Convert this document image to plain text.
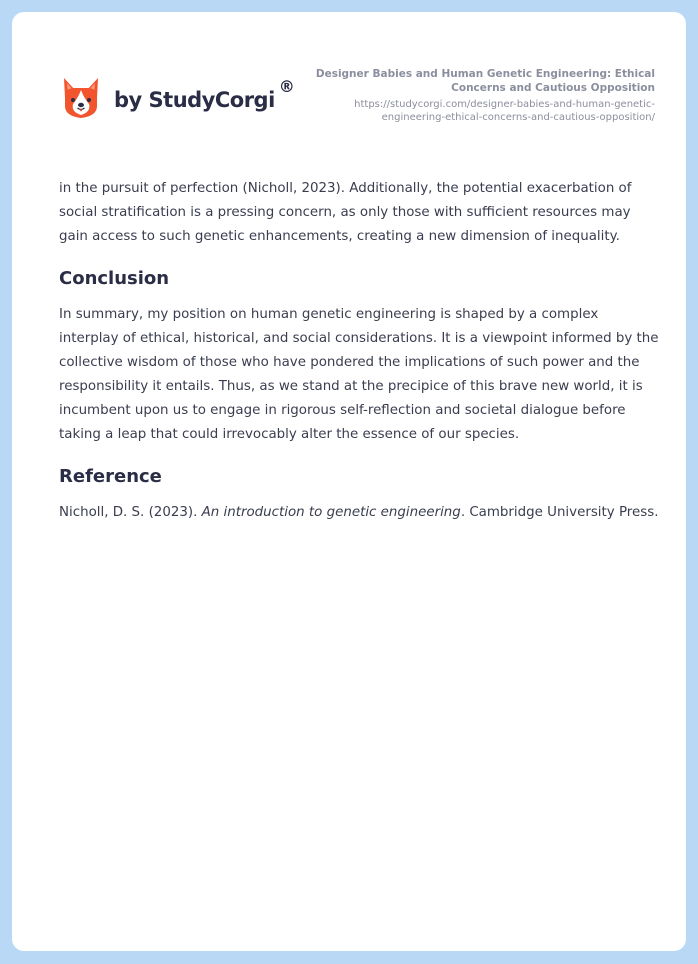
by StudyCorgi
®
Designer Babies and Human Genetic Engineering: Ethical Concerns and Cautious Opposition
https://studycorgi.com/designer-babies-and-human-genetic-engineering-ethical-concerns-and-cautious-opposition/

in the pursuit of perfection (Nicholl, 2023). Additionally, the potential exacerbation of social stratification is a pressing concern, as only those with sufficient resources may gain access to such genetic enhancements, creating a new dimension of inequality.

Conclusion

In summary, my position on human genetic engineering is shaped by a complex interplay of ethical, historical, and social considerations. It is a viewpoint informed by the collective wisdom of those who have pondered the implications of such power and the responsibility it entails. Thus, as we stand at the precipice of this brave new world, it is incumbent upon us to engage in rigorous self-reflection and societal dialogue before taking a leap that could irrevocably alter the essence of our species.

Reference

Nicholl, D. S. (2023). An introduction to genetic engineering. Cambridge University Press.
